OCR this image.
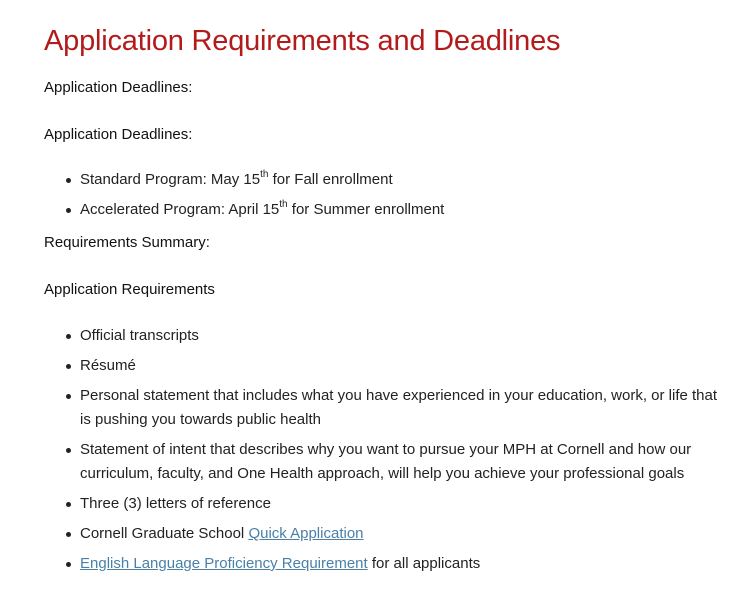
Application Requirements and Deadlines

Application Deadlines:

Application Deadlines:

Standard Program: May 15th for Fall enrollment
Accelerated Program: April 15th for Summer enrollment

Requirements Summary:

Application Requirements

Official transcripts
Résumé
Personal statement that includes what you have experienced in your education, work, or life that is pushing you towards public health
Statement of intent that describes why you want to pursue your MPH at Cornell and how our curriculum, faculty, and One Health approach, will help you achieve your professional goals
Three (3) letters of reference
Cornell Graduate School Quick Application
English Language Proficiency Requirement for all applicants
